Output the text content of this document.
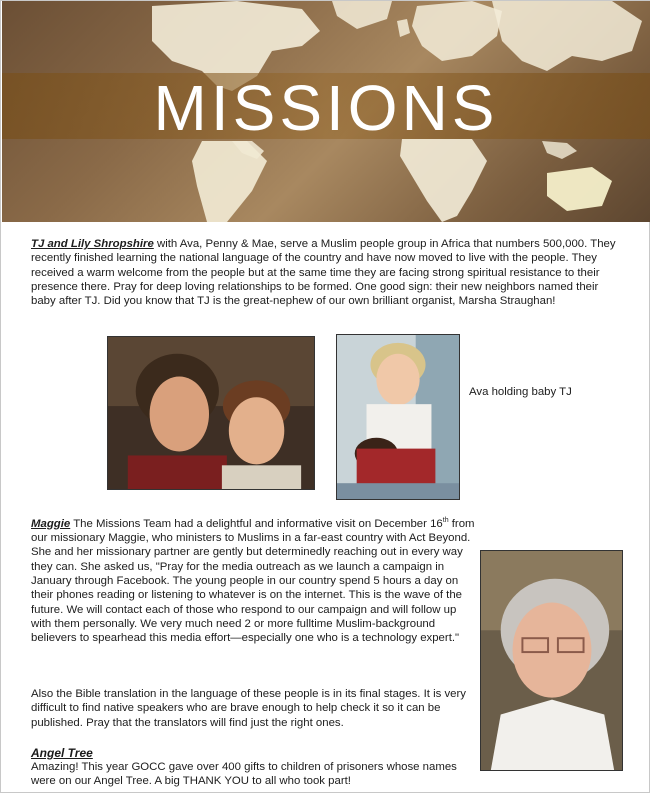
MISSIONS

TJ and Lily Shropshire with Ava, Penny & Mae, serve a Muslim people group in Africa that numbers 500,000. They recently finished learning the national language of the country and have now moved to live with the people. They received a warm welcome from the people but at the same time they are facing strong spiritual resistance to their presence there. Pray for deep loving relationships to be formed. One good sign: their new neighbors named their baby after TJ. Did you know that TJ is the great-nephew of our own brilliant organist, Marsha Straughan!

Ava holding baby TJ

Maggie The Missions Team had a delightful and informative visit on December 16th from our missionary Maggie, who ministers to Muslims in a far-east country with Act Beyond. She and her missionary partner are gently but determinedly reaching out in every way they can. She asked us, "Pray for the media outreach as we launch a campaign in January through Facebook. The young people in our country spend 5 hours a day on their phones reading or listening to whatever is on the internet. This is the wave of the future. We will contact each of those who respond to our campaign and will follow up with them personally. We very much need 2 or more fulltime Muslim-background believers to spearhead this media effort—especially one who is a technology expert."

Also the Bible translation in the language of these people is in its final stages. It is very difficult to find native speakers who are brave enough to help check it so it can be published. Pray that the translators will find just the right ones.

Angel Tree

Amazing! This year GOCC gave over 400 gifts to children of prisoners whose names were on our Angel Tree. A big THANK YOU to all who took part!
